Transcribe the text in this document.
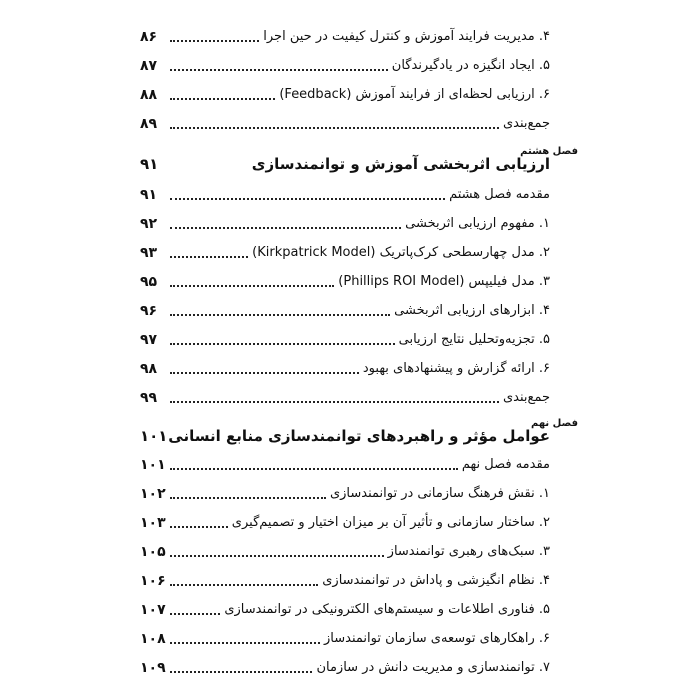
۸۶	۴. مدیریت فرایند آموزش و کنترل کیفیت در حین اجرا
۸۷	۵. ایجاد انگیزه در یادگیرندگان
۸۸	۶. ارزیابی لحظه‌ای از فرایند آموزش (Feedback)
۸۹	جمع‌بندی
۹۱	ارزیابی اثربخشی آموزش و توانمندسازی
فصل هشتم
۹۱	مقدمه فصل هشتم
۹۲	۱. مفهوم ارزیابی اثربخشی
۹۳	۲. مدل چهارسطحی کرک‌پاتریک (Kirkpatrick Model)
۹۵	۳. مدل فیلیپس (Phillips ROI Model)
۹۶	۴. ابزارهای ارزیابی اثربخشی
۹۷	۵. تجزیه‌وتحلیل نتایج ارزیابی
۹۸	۶. ارائه گزارش و پیشنهادهای بهبود
۹۹	جمع‌بندی
۱۰۱ عوامل مؤثر و راهبردهای توانمندسازی منابع انسانی
فصل نهم
۱۰۱	مقدمه فصل نهم
۱۰۲	۱. نقش فرهنگ سازمانی در توانمندسازی
۱۰۳	۲. ساختار سازمانی و تأثیر آن بر میزان اختیار و تصمیم‌گیری
۱۰۵	۳. سبک‌های رهبری توانمندساز
۱۰۶	۴. نظام انگیزشی و پاداش در توانمندسازی
۱۰۷	۵. فناوری اطلاعات و سیستم‌های الکترونیکی در توانمندسازی
۱۰۸	۶. راهکارهای توسعه‌ی سازمان توانمندساز
۱۰۹	۷. توانمندسازی و مدیریت دانش در سازمان
